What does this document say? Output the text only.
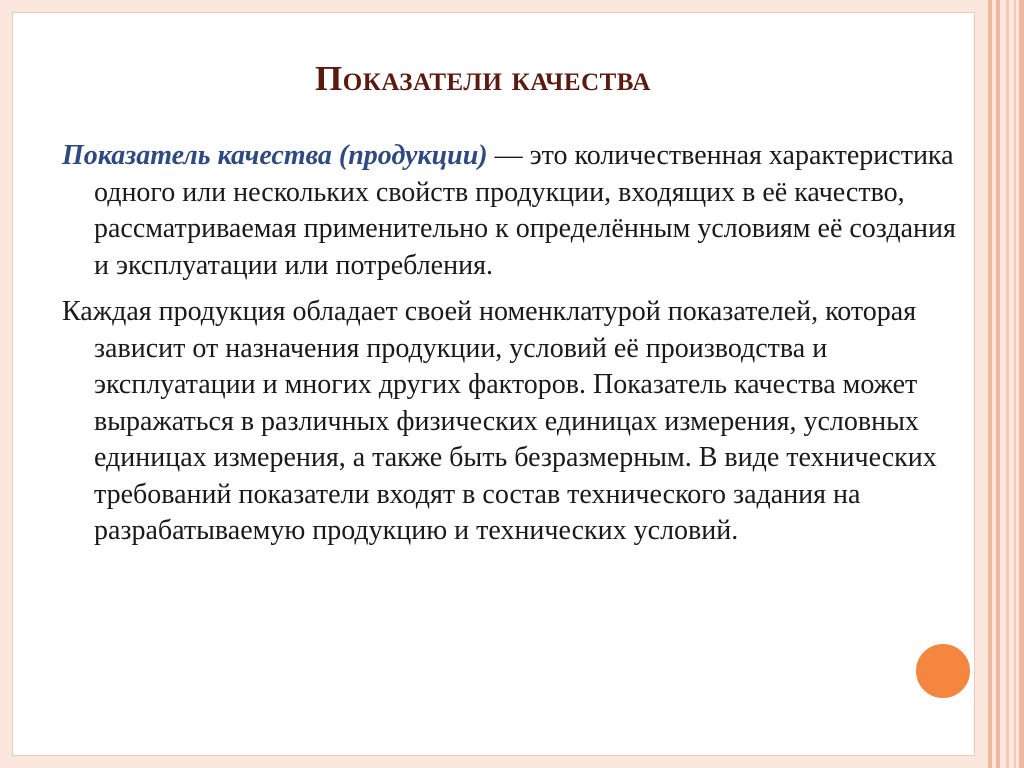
Показатели качества

Показатель качества (продукции) — это количественная характеристика одного или нескольких свойств продукции, входящих в её качество, рассматриваемая применительно к определённым условиям её создания и эксплуатации или потребления.

Каждая продукция обладает своей номенклатурой показателей, которая зависит от назначения продукции, условий её производства и эксплуатации и многих других факторов. Показатель качества может выражаться в различных физических единицах измерения, условных единицах измерения, а также быть безразмерным. В виде технических требований показатели входят в состав технического задания на разрабатываемую продукцию и технических условий.
